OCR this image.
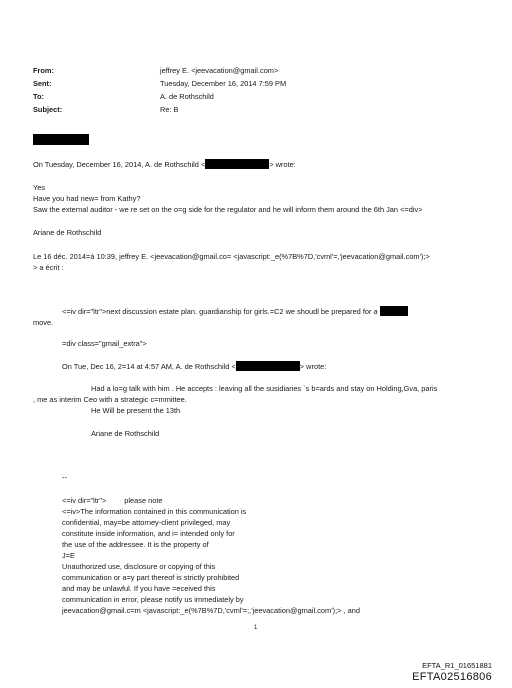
From:
Sent:
To:
Subject:
jeffrey E. <jeevacation@gmail.com>
Tuesday, December 16, 2014 7:59 PM
A. de Rothschild
Re: B
On Tuesday, December 16, 2014, A. de Rothschild <	> wrote:
Yes
Have you had new= from Kathy?
Saw the external auditor - we re set on the o=g side for the regulator and he will inform them around the 6th Jan <=div>
Ariane de Rothschild
Le 16 déc. 2014=à 10:39, jeffrey E. <jeevacation@gmail.co= <javascript:_e(%7B%7D,'cvml'=,'jeevacation@gmail.com');>
> a écrit :
<=iv dir="ltr">next discussion estate plan. guardianship for girls.=C2 we shoudl be prepared for a
move.
=div class="gmail_extra">
On Tue, Dec 16, 2=14 at 4:57 AM, A. de Rothschild <	> wrote:
Had a lo=g talk with him . He accepts : leaving all the susidiaries `s b=ards and stay on Holding,Gva, paris
, me as interim Ceo with a strategic c=mmittee.
He Will be present the 13th
Ariane de Rothschild
--
<=iv dir="ltr"> please note
<=iv>The information contained in this communication is
confidential, may=be attorney-client privileged, may
constitute inside information, and i= intended only for
the use of the addressee. It is the property of
J=E
Unauthorized use, disclosure or copying of this
communication or a=y part thereof is strictly prohibited
and may be unlawful. If you have =eceived this
communication in error, please notify us immediately by
jeevacation@gmail.c=m <javascript:_e(%7B%7D,'cvml'=;,'jeevacation@gmail.com');> , and
1
EFTA_R1_01651881
EFTA02516806
